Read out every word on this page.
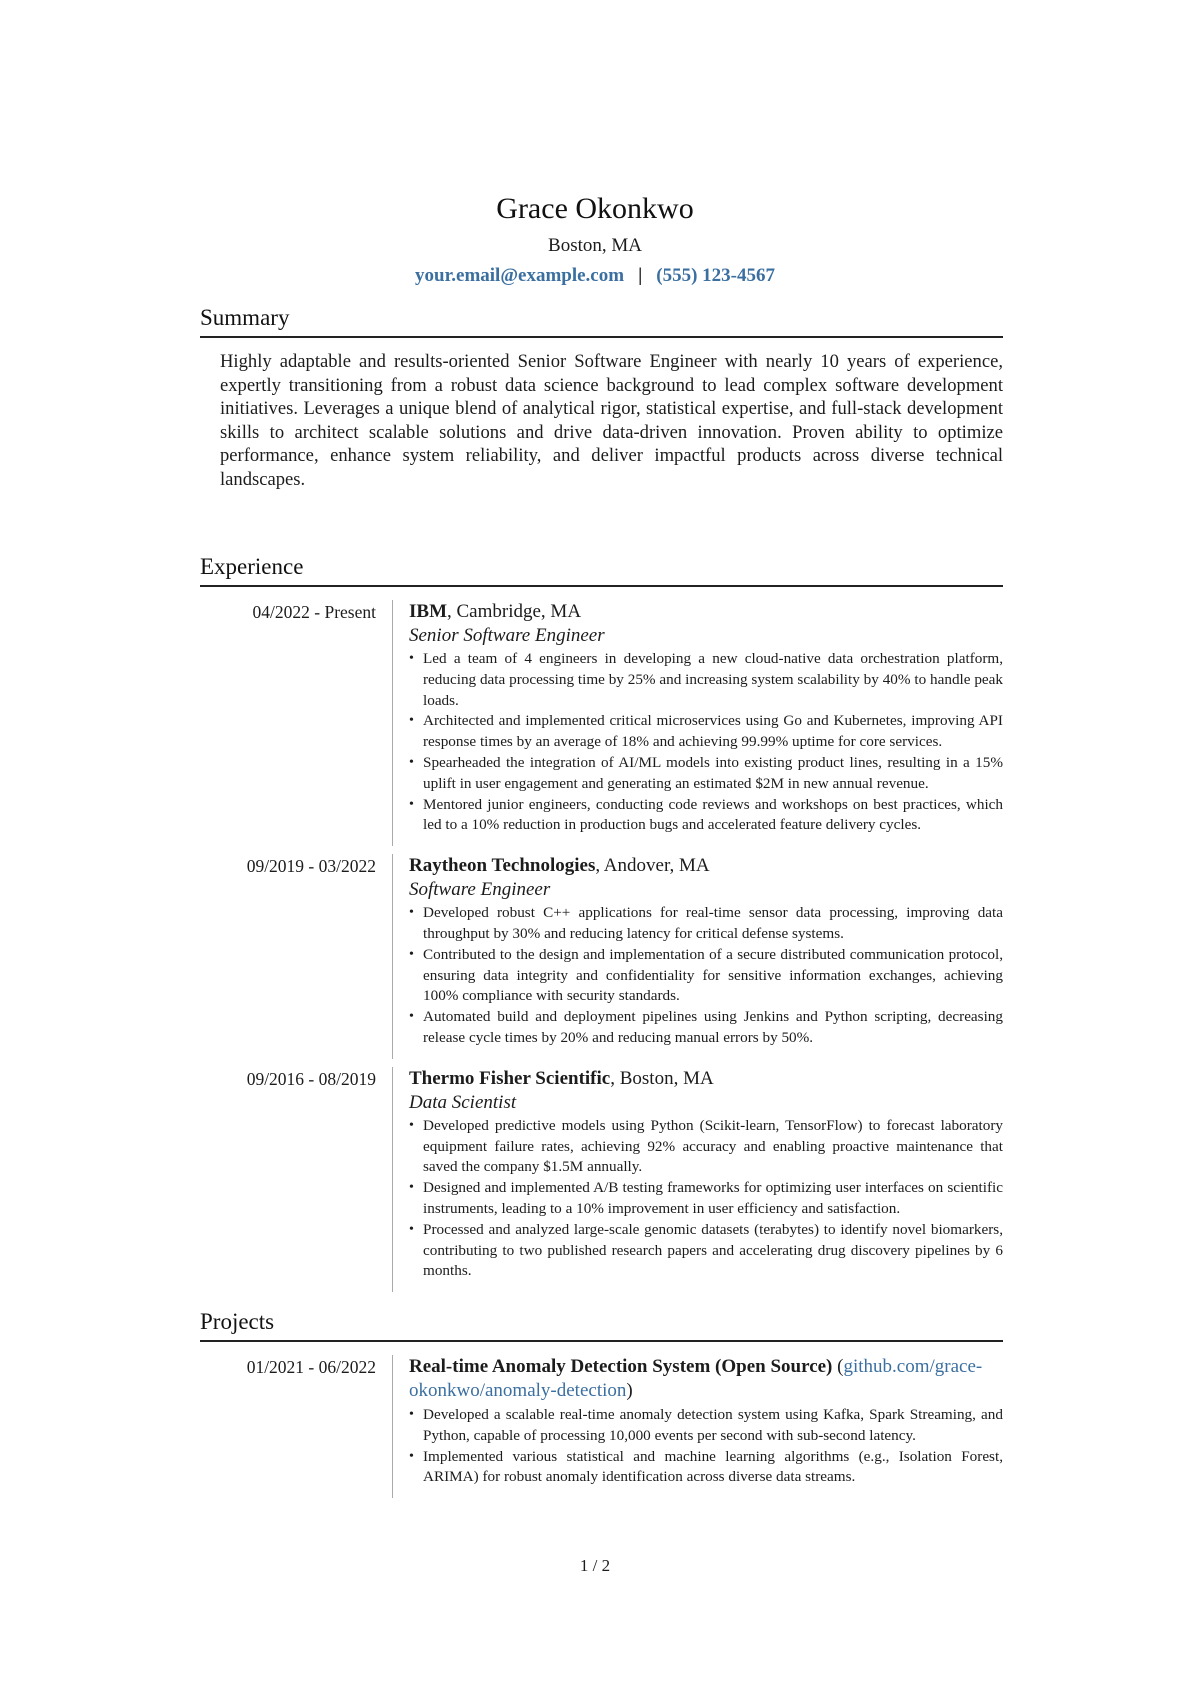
Grace Okonkwo
Boston, MA
your.email@example.com | (555) 123-4567
Summary

Highly adaptable and results-oriented Senior Software Engineer with nearly 10 years of experience, expertly transitioning from a robust data science background to lead complex software development initiatives. Leverages a unique blend of analytical rigor, statistical expertise, and full-stack development skills to architect scalable solutions and drive data-driven innovation. Proven ability to optimize performance, enhance system reliability, and deliver impactful products across diverse technical landscapes.

Experience
04/2022 - Present	IBM, Cambridge, MA
Senior Software Engineer
• Led a team of 4 engineers in developing a new cloud-native data orchestration platform, reducing data processing time by 25% and increasing system scalability by 40% to handle peak loads.
• Architected and implemented critical microservices using Go and Kubernetes, improving API response times by an average of 18% and achieving 99.99% uptime for core services.
• Spearheaded the integration of AI/ML models into existing product lines, resulting in a 15% uplift in user engagement and generating an estimated $2M in new annual revenue.
• Mentored junior engineers, conducting code reviews and workshops on best practices, which led to a 10% reduction in production bugs and accelerated feature delivery cycles.
09/2019 - 03/2022	Raytheon Technologies, Andover, MA
Software Engineer
• Developed robust C++ applications for real-time sensor data processing, improving data throughput by 30% and reducing latency for critical defense systems.
• Contributed to the design and implementation of a secure distributed communication protocol, ensuring data integrity and confidentiality for sensitive information exchanges, achieving 100% compliance with security standards.
• Automated build and deployment pipelines using Jenkins and Python scripting, decreasing release cycle times by 20% and reducing manual errors by 50%.
09/2016 - 08/2019	Thermo Fisher Scientific, Boston, MA
Data Scientist
• Developed predictive models using Python (Scikit-learn, TensorFlow) to forecast laboratory equipment failure rates, achieving 92% accuracy and enabling proactive maintenance that saved the company $1.5M annually.
• Designed and implemented A/B testing frameworks for optimizing user interfaces on scientific instruments, leading to a 10% improvement in user efficiency and satisfaction.
• Processed and analyzed large-scale genomic datasets (terabytes) to identify novel biomarkers, contributing to two published research papers and accelerating drug discovery pipelines by 6 months.
Projects
01/2021 - 06/2022	Real-time Anomaly Detection System (Open Source) (github.com/grace-okonkwo/anomaly-detection)
• Developed a scalable real-time anomaly detection system using Kafka, Spark Streaming, and Python, capable of processing 10,000 events per second with sub-second latency.
• Implemented various statistical and machine learning algorithms (e.g., Isolation Forest, ARIMA) for robust anomaly identification across diverse data streams.
1 / 2
